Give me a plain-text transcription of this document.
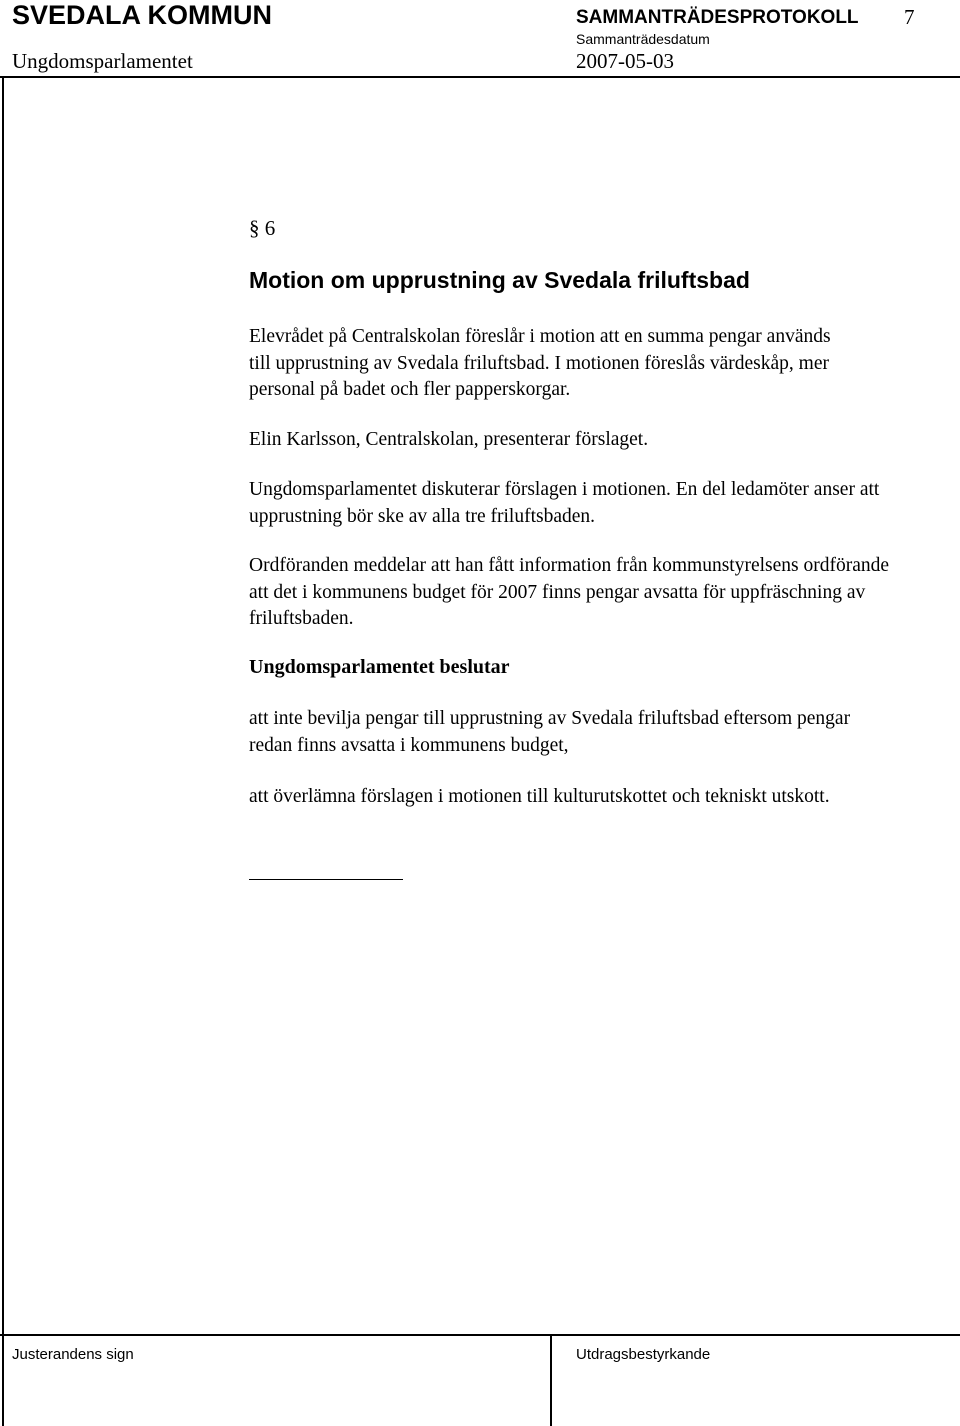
SVEDALA KOMMUN	SAMMANTRÄDESPROTOKOLL 7
Sammanträdesdatum
Ungdomsparlamentet	2007-05-03
§ 6
Motion om upprustning av Svedala friluftsbad

Elevrådet på Centralskolan föreslår i motion att en summa pengar används till upprustning av Svedala friluftsbad. I motionen föreslås värdeskåp, mer personal på badet och fler papperskorgar.

Elin Karlsson, Centralskolan, presenterar förslaget.

Ungdomsparlamentet diskuterar förslagen i motionen. En del ledamöter anser att upprustning bör ske av alla tre friluftsbaden.

Ordföranden meddelar att han fått information från kommunstyrelsens ordförande att det i kommunens budget för 2007 finns pengar avsatta för uppfräschning av friluftsbaden.

Ungdomsparlamentet beslutar

att inte bevilja pengar till upprustning av Svedala friluftsbad eftersom pengar redan finns avsatta i kommunens budget,

att överlämna förslagen i motionen till kulturutskottet och tekniskt utskott.

Justerandens sign	Utdragsbestyrkande
